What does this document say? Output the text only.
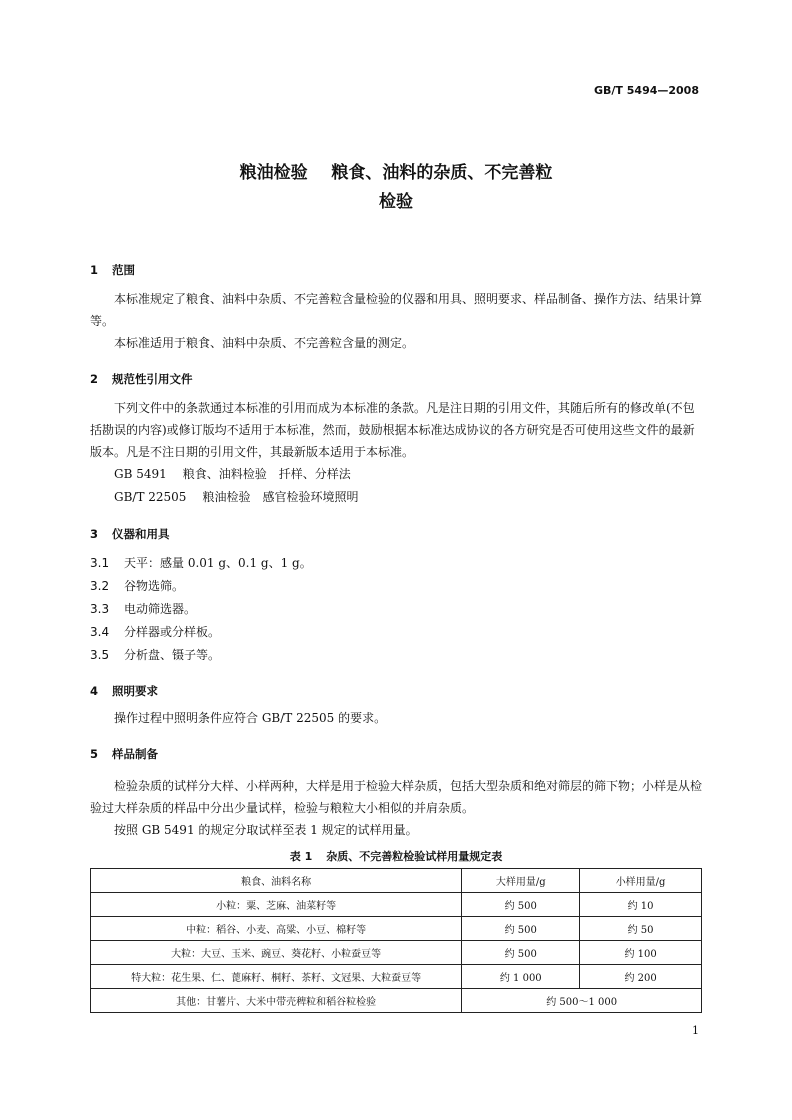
GB/T 5494—2008
粮油检验    粮食、油料的杂质、不完善粒
检验
1 范围
本标准规定了粮食、油料中杂质、不完善粒含量检验的仪器和用具、照明要求、样品制备、操作方法、结果计算等。
本标准适用于粮食、油料中杂质、不完善粒含量的测定。
2 规范性引用文件
下列文件中的条款通过本标准的引用而成为本标准的条款。凡是注日期的引用文件，其随后所有的修改单(不包括勘误的内容)或修订版均不适用于本标准，然而，鼓励根据本标准达成协议的各方研究是否可使用这些文件的最新版本。凡是不注日期的引用文件，其最新版本适用于本标准。
GB 5491 粮食、油料检验　扦样、分样法
GB/T 22505 粮油检验　感官检验环境照明
3 仪器和用具
3.1 天平：感量 0.01 g、0.1 g、1 g。
3.2 谷物选筛。
3.3 电动筛选器。
3.4 分样器或分样板。
3.5 分析盘、镊子等。
4 照明要求
操作过程中照明条件应符合 GB/T 22505 的要求。
5 样品制备
检验杂质的试样分大样、小样两种，大样是用于检验大样杂质，包括大型杂质和绝对筛层的筛下物；小样是从检验过大样杂质的样品中分出少量试样，检验与粮粒大小相似的并肩杂质。
按照 GB 5491 的规定分取试样至表 1 规定的试样用量。
表 1 杂质、不完善粒检验试样用量规定表
粮食、油料名称	大样用量/g	小样用量/g
小粒：粟、芝麻、油菜籽等	约 500	约 10
中粒：稻谷、小麦、高粱、小豆、棉籽等	约 500	约 50
大粒：大豆、玉米、豌豆、葵花籽、小粒蚕豆等	约 500	约 100
特大粒：花生果、仁、蓖麻籽、桐籽、茶籽、文冠果、大粒蚕豆等	约 1 000	约 200
其他：甘薯片、大米中带壳稗粒和稻谷粒检验	约 500～1 000	
1
